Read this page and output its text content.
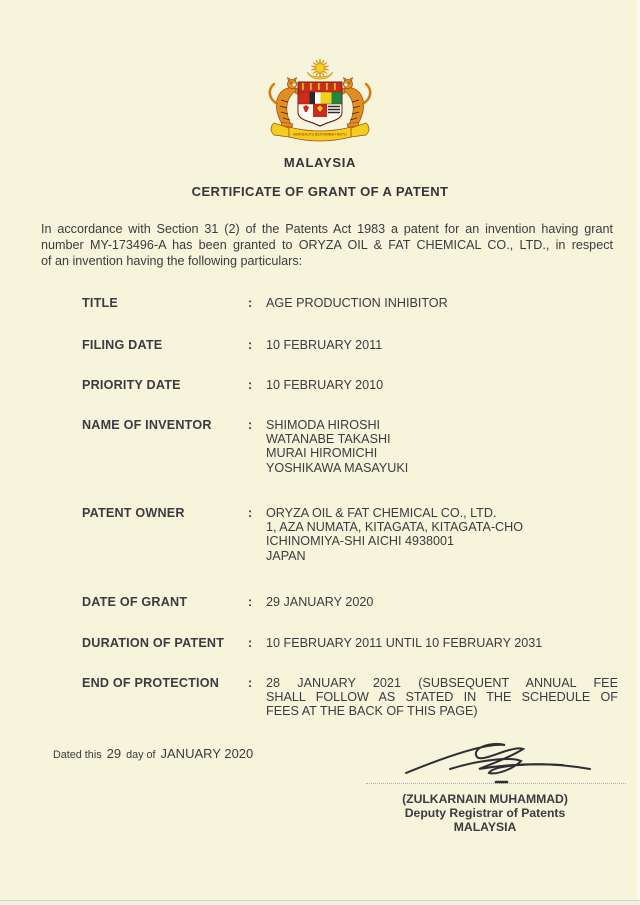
BERSEKUTU BERTAMBAH MUTU
MALAYSIA
CERTIFICATE OF GRANT OF A PATENT
In accordance with Section 31 (2) of the Patents Act 1983 a patent for an invention having grant
number MY-173496-A has been granted to ORYZA OIL & FAT CHEMICAL CO., LTD., in respect
of an invention having the following particulars:
TITLE	:	AGE PRODUCTION INHIBITOR
FILING DATE	:	10 FEBRUARY 2011
PRIORITY DATE	:	10 FEBRUARY 2010
NAME OF INVENTOR	:	SHIMODA HIROSHI
WATANABE TAKASHI
MURAI HIROMICHI
YOSHIKAWA MASAYUKI
PATENT OWNER	:	ORYZA OIL & FAT CHEMICAL CO., LTD.
1, AZA NUMATA, KITAGATA, KITAGATA-CHO
ICHINOMIYA-SHI AICHI 4938001
JAPAN
DATE OF GRANT	:	29 JANUARY 2020
DURATION OF PATENT	:	10 FEBRUARY 2011 UNTIL 10 FEBRUARY 2031
END OF PROTECTION	:	28 JANUARY 2021 (SUBSEQUENT ANNUAL FEE
SHALL FOLLOW AS STATED IN THE SCHEDULE OF
FEES AT THE BACK OF THIS PAGE)
Dated this 29 day of JANUARY 2020
(ZULKARNAIN MUHAMMAD)
Deputy Registrar of Patents
MALAYSIA
